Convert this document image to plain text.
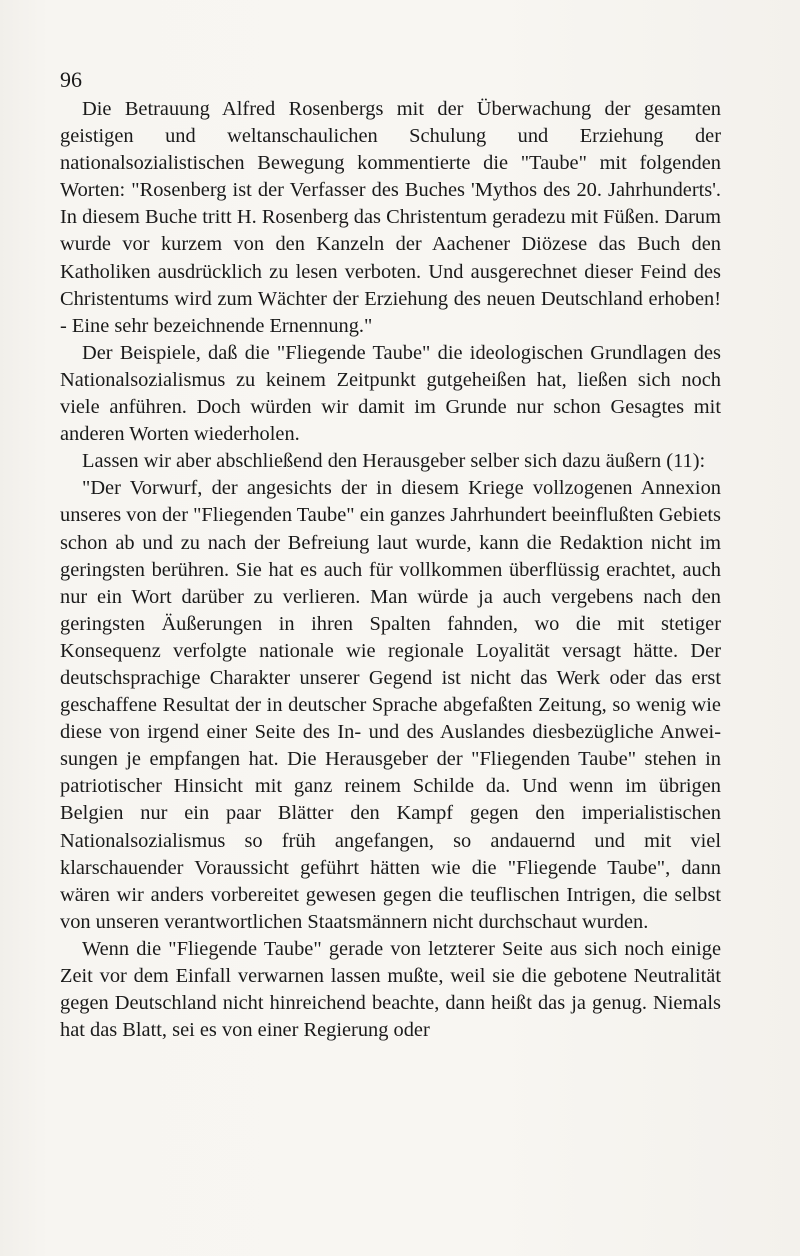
96

Die Betrauung Alfred Rosenbergs mit der Überwachung der gesamten geistigen und weltanschaulichen Schulung und Erziehung der nationalsozialistischen Bewegung kommentierte die "Taube" mit folgenden Worten: "Rosenberg ist der Verfasser des Buches 'Mythos des 20. Jahrhunderts'. In diesem Buche tritt H. Rosenberg das Christentum geradezu mit Füßen. Darum wurde vor kurzem von den Kanzeln der Aachener Diözese das Buch den Katholiken ausdrücklich zu lesen verboten. Und ausgerechnet dieser Feind des Christentums wird zum Wächter der Erziehung des neuen Deutschland erhoben! - Eine sehr bezeichnende Ernennung."

Der Beispiele, daß die "Fliegende Taube" die ideologischen Grundlagen des Nationalsozialismus zu keinem Zeitpunkt gutgeheißen hat, ließen sich noch viele anführen. Doch würden wir damit im Grunde nur schon Gesagtes mit anderen Worten wiederholen.

Lassen wir aber abschließend den Herausgeber selber sich dazu äußern (11):

"Der Vorwurf, der angesichts der in diesem Kriege vollzogenen Annexion unseres von der "Fliegenden Taube" ein ganzes Jahrhundert beeinflußten Gebiets schon ab und zu nach der Befreiung laut wurde, kann die Redaktion nicht im geringsten berühren. Sie hat es auch für vollkommen überflüssig erachtet, auch nur ein Wort darüber zu verlieren. Man würde ja auch vergebens nach den geringsten Äußerungen in ihren Spalten fahnden, wo die mit stetiger Konsequenz verfolgte nationale wie regionale Loyalität versagt hätte. Der deutschsprachige Charakter unserer Gegend ist nicht das Werk oder das erst geschaffene Resultat der in deutscher Sprache abgefaßten Zeitung, so wenig wie diese von irgend einer Seite des In- und des Auslandes diesbezügliche Anweisungen je empfangen hat. Die Herausgeber der "Fliegenden Taube" stehen in patriotischer Hinsicht mit ganz reinem Schilde da. Und wenn im übrigen Belgien nur ein paar Blätter den Kampf gegen den imperialistischen Nationalsozialismus so früh angefangen, so andauernd und mit viel klarschauender Voraussicht geführt hätten wie die "Fliegende Taube", dann wären wir anders vorbereitet gewesen gegen die teuflischen Intrigen, die selbst von unseren verantwortlichen Staatsmännern nicht durchschaut wurden.

Wenn die "Fliegende Taube" gerade von letzterer Seite aus sich noch einige Zeit vor dem Einfall verwarnen lassen mußte, weil sie die gebotene Neutralität gegen Deutschland nicht hinreichend beachte, dann heißt das ja genug. Niemals hat das Blatt, sei es von einer Regierung oder
